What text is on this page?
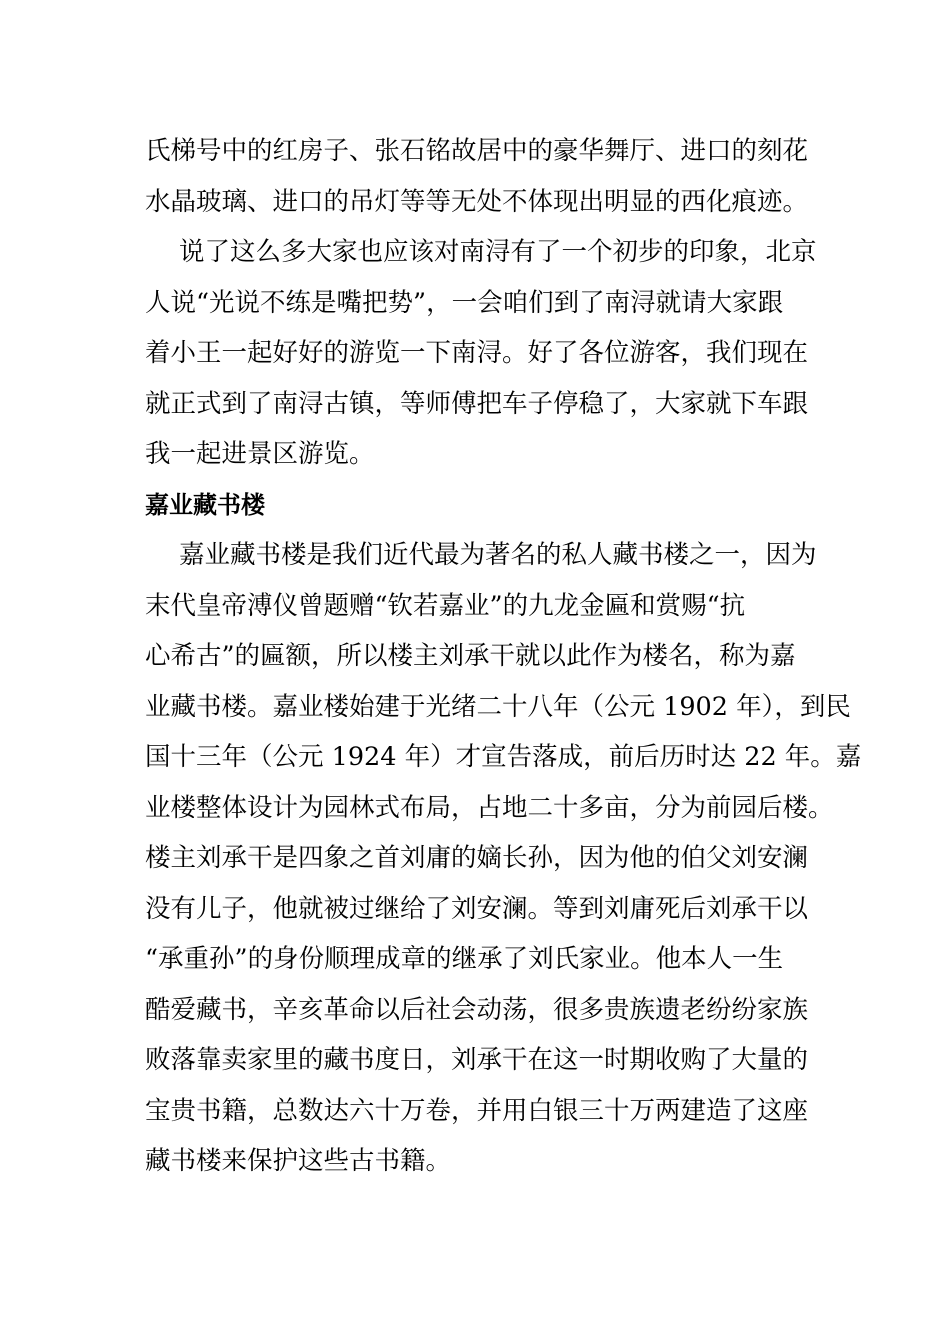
氏梯号中的红房子、张石铭故居中的豪华舞厅、进口的刻花
水晶玻璃、进口的吊灯等等无处不体现出明显的西化痕迹。
说了这么多大家也应该对南浔有了一个初步的印象，北京
人说“光说不练是嘴把势”，一会咱们到了南浔就请大家跟
着小王一起好好的游览一下南浔。好了各位游客，我们现在
就正式到了南浔古镇，等师傅把车子停稳了，大家就下车跟
我一起进景区游览。
嘉业藏书楼
嘉业藏书楼是我们近代最为著名的私人藏书楼之一，因为
末代皇帝溥仪曾题赠“钦若嘉业”的九龙金匾和赏赐“抗
心希古”的匾额，所以楼主刘承干就以此作为楼名，称为嘉
业藏书楼。嘉业楼始建于光绪二十八年（公元 1902 年），到民
国十三年（公元 1924 年）才宣告落成，前后历时达 22 年。嘉
业楼整体设计为园林式布局，占地二十多亩，分为前园后楼。
楼主刘承干是四象之首刘庸的嫡长孙，因为他的伯父刘安澜
没有儿子，他就被过继给了刘安澜。等到刘庸死后刘承干以
“承重孙”的身份顺理成章的继承了刘氏家业。他本人一生
酷爱藏书，辛亥革命以后社会动荡，很多贵族遗老纷纷家族
败落靠卖家里的藏书度日，刘承干在这一时期收购了大量的
宝贵书籍，总数达六十万卷，并用白银三十万两建造了这座
藏书楼来保护这些古书籍。
